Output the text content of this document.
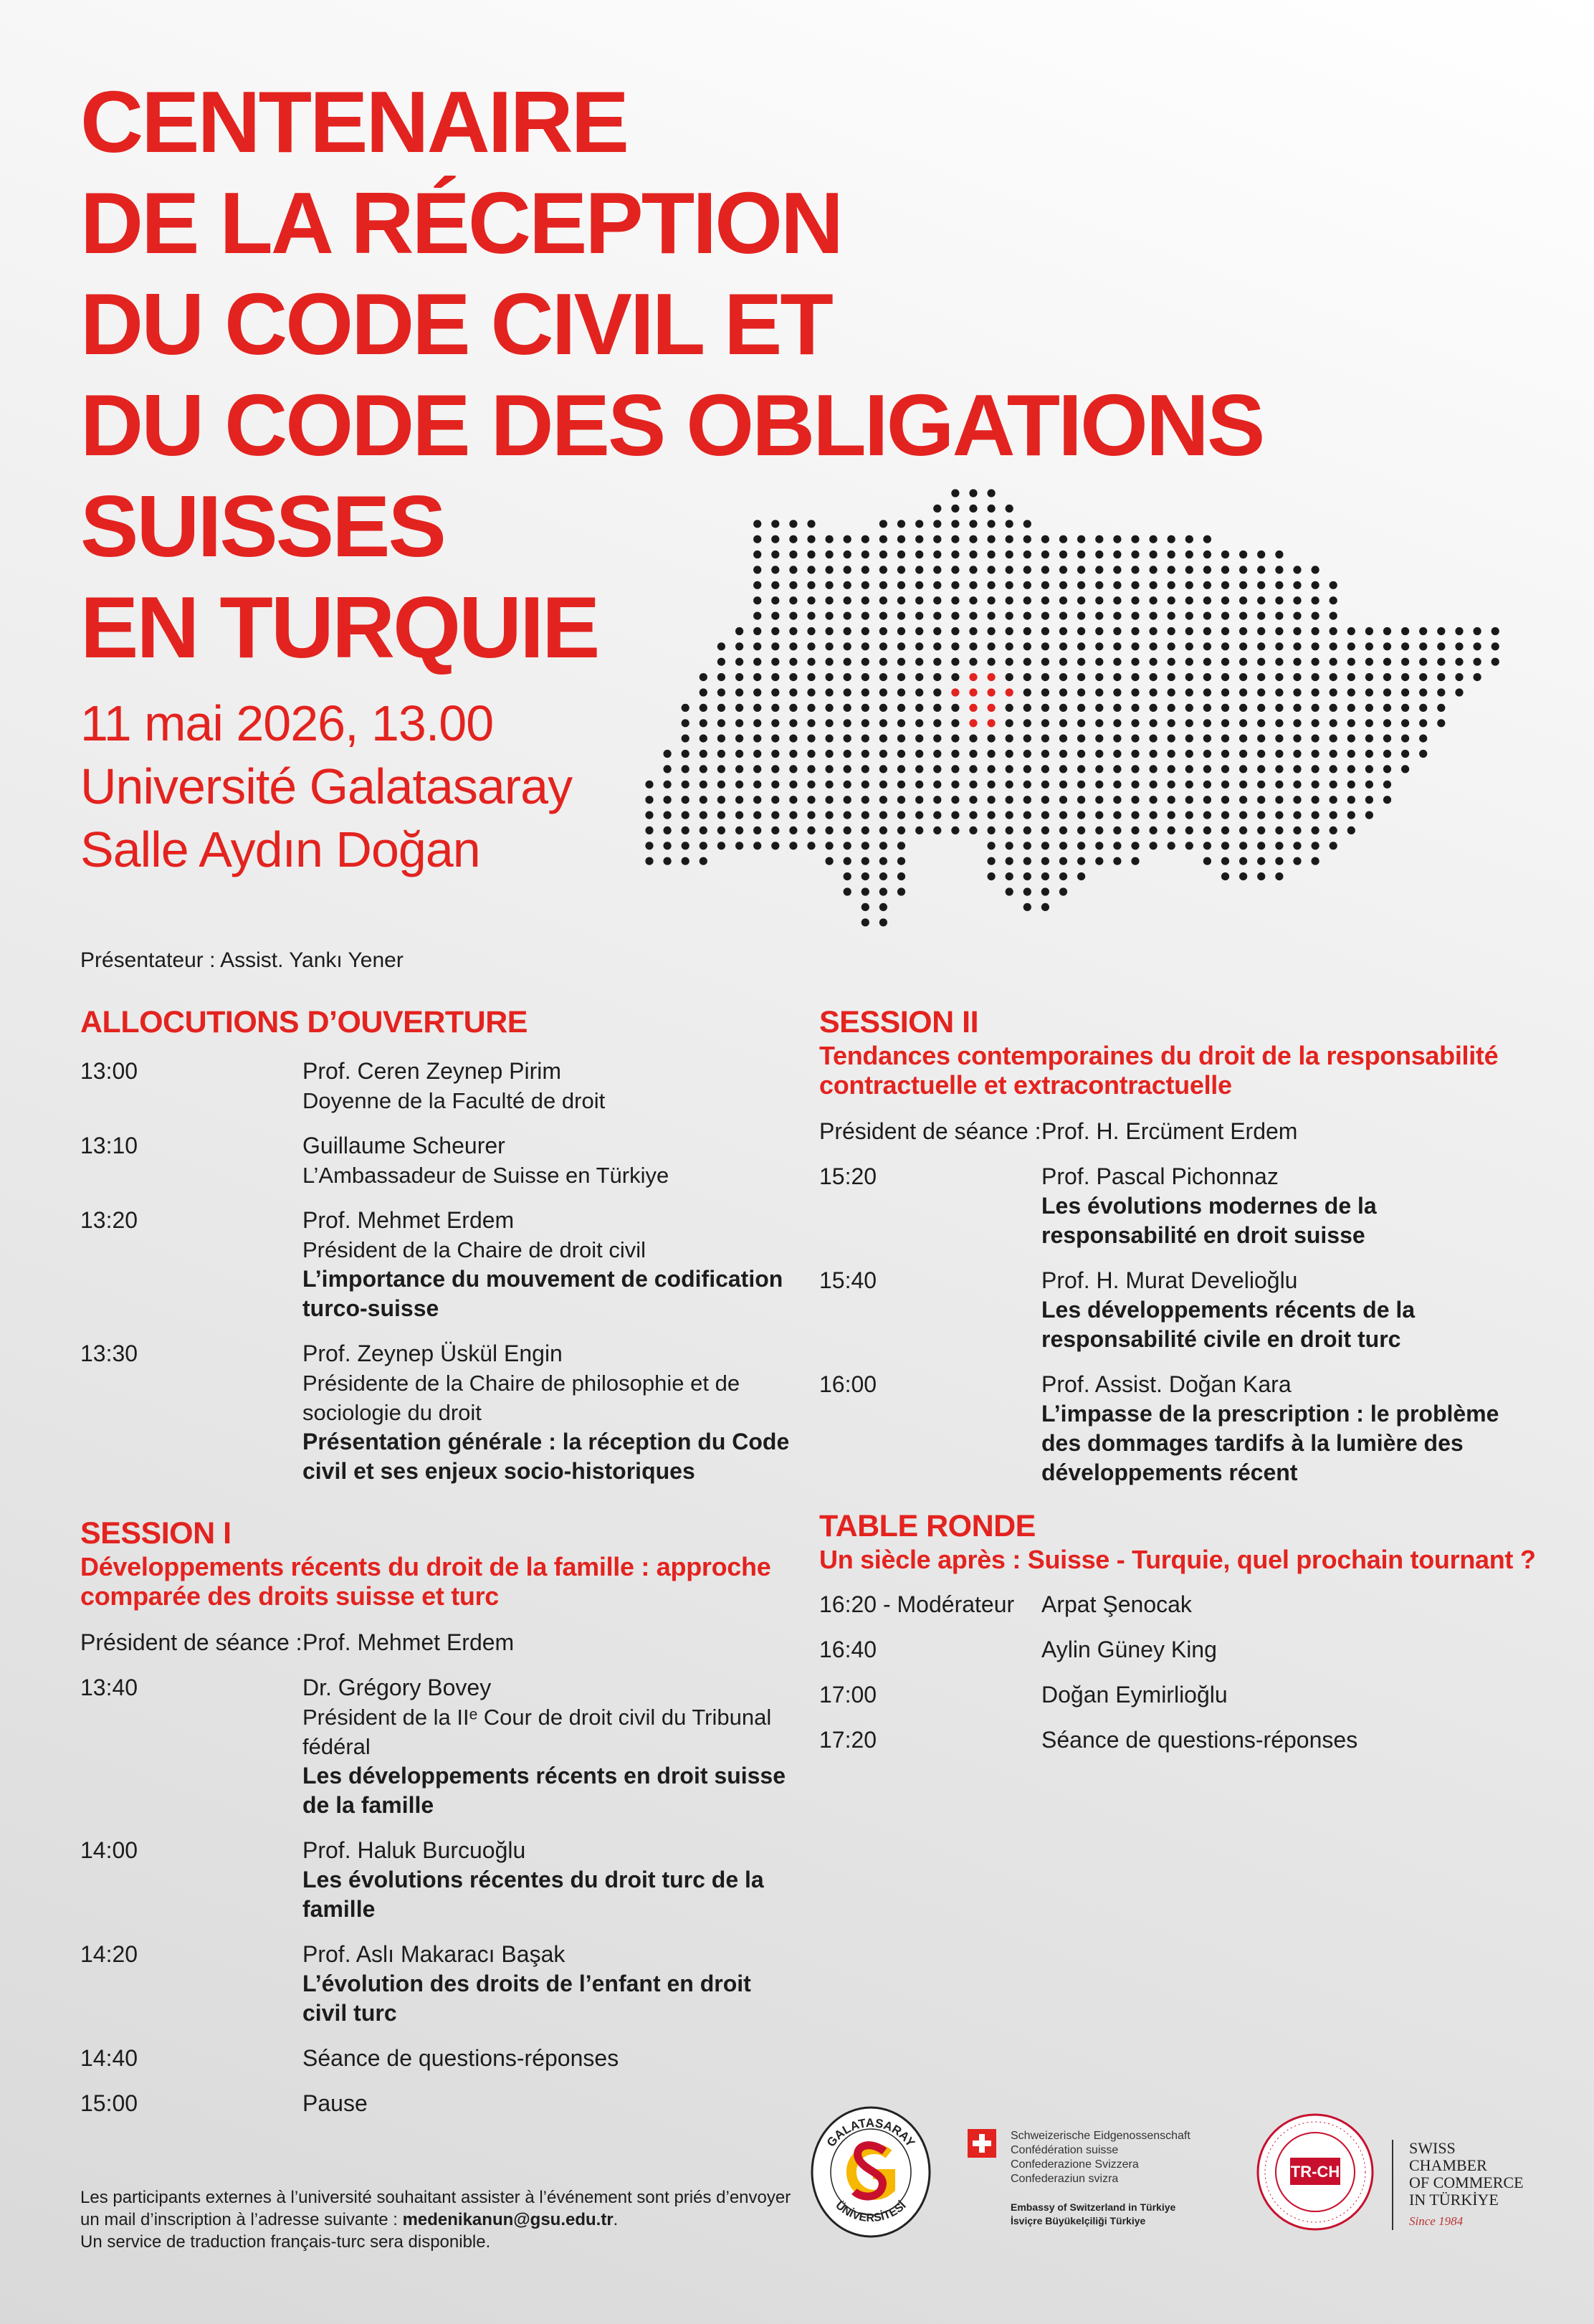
CENTENAIRE
DE LA RÉCEPTION
DU CODE CIVIL ET
DU CODE DES OBLIGATIONS
SUISSES
EN TURQUIE
11 mai 2026, 13.00
Université Galatasaray
Salle Aydın Doğan
Présentateur : Assist. Yankı Yener
ALLOCUTIONS D’OUVERTURE
13:00	Prof. Ceren Zeynep Pirim
Doyenne de la Faculté de droit
13:10	Guillaume Scheurer
L’Ambassadeur de Suisse en Türkiye
13:20	Prof. Mehmet Erdem
Président de la Chaire de droit civil
L’importance du mouvement de codification turco-suisse
13:30	Prof. Zeynep Üskül Engin
Présidente de la Chaire de philosophie et de sociologie du droit
Présentation générale : la réception du Code civil et ses enjeux socio-historiques
SESSION I
Développements récents du droit de la famille : approche comparée des droits suisse et turc
Président de séance : Prof. Mehmet Erdem
13:40	Dr. Grégory Bovey
Président de la IIᵉ Cour de droit civil du Tribunal fédéral
Les développements récents en droit suisse de la famille
14:00	Prof. Haluk Burcuoğlu
Les évolutions récentes du droit turc de la famille
14:20	Prof. Aslı Makaracı Başak
L’évolution des droits de l’enfant en droit civil turc
14:40	Séance de questions-réponses
15:00	Pause
SESSION II
Tendances contemporaines du droit de la responsabilité contractuelle et extracontractuelle
Président de séance : Prof. H. Ercüment Erdem
15:20	Prof. Pascal Pichonnaz
Les évolutions modernes de la responsabilité en droit suisse
15:40	Prof. H. Murat Develioğlu
Les développements récents de la responsabilité civile en droit turc
16:00	Prof. Assist. Doğan Kara
L’impasse de la prescription : le problème des dommages tardifs à la lumière des développements récent
TABLE RONDE
Un siècle après : Suisse - Turquie, quel prochain tournant ?
16:20 - Modérateur	Arpat Şenocak
16:40	Aylin Güney King
17:00	Doğan Eymirlioğlu
17:20	Séance de questions-réponses
Les participants externes à l’université souhaitant assister à l’événement sont priés d’envoyer
un mail d’inscription à l’adresse suivante : medenikanun@gsu.edu.tr.
Un service de traduction français-turc sera disponible.
GALATASARAY
ÜNİVERSİTESİ
Schweizerische Eidgenossenschaft
Confédération suisse
Confederazione Svizzera
Confederaziun svizra
Embassy of Switzerland in Türkiye
İsviçre Büyükelçiliği Türkiye
TR-CH
SWISS CHAMBER
OF COMMERCE
IN TÜRKİYE
Since 1984
